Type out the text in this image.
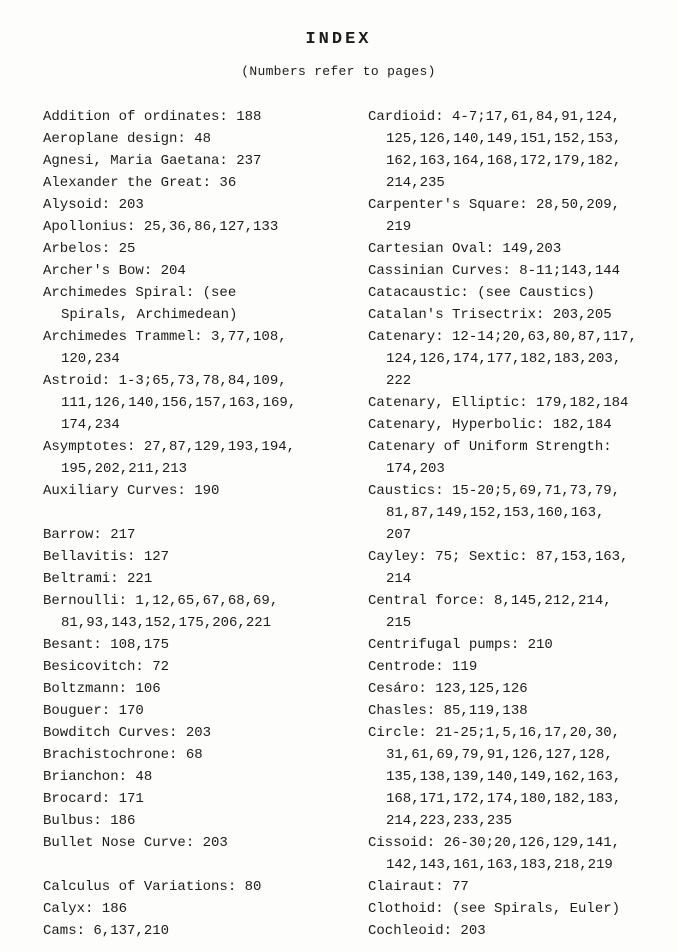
INDEX
(Numbers refer to pages)
Addition of ordinates: 188
Aeroplane design: 48
Agnesi, Maria Gaetana: 237
Alexander the Great: 36
Alysoid: 203
Apollonius: 25,36,86,127,133
Arbelos: 25
Archer's Bow: 204
Archimedes Spiral: (see
Spirals, Archimedean)
Archimedes Trammel: 3,77,108,
120,234
Astroid: 1-3;65,73,78,84,109,
111,126,140,156,157,163,169,
174,234
Asymptotes: 27,87,129,193,194,
195,202,211,213
Auxiliary Curves: 190
Barrow: 217
Bellavitis: 127
Beltrami: 221
Bernoulli: 1,12,65,67,68,69,
81,93,143,152,175,206,221
Besant: 108,175
Besicovitch: 72
Boltzmann: 106
Bouguer: 170
Bowditch Curves: 203
Brachistochrone: 68
Brianchon: 48
Brocard: 171
Bulbus: 186
Bullet Nose Curve: 203
Calculus of Variations: 80
Calyx: 186
Cams: 6,137,210
Cardioid: 4-7;17,61,84,91,124,
125,126,140,149,151,152,153,
162,163,164,168,172,179,182,
214,235
Carpenter's Square: 28,50,209,
219
Cartesian Oval: 149,203
Cassinian Curves: 8-11;143,144
Catacaustic: (see Caustics)
Catalan's Trisectrix: 203,205
Catenary: 12-14;20,63,80,87,117,
124,126,174,177,182,183,203,
222
Catenary, Elliptic: 179,182,184
Catenary, Hyperbolic: 182,184
Catenary of Uniform Strength:
174,203
Caustics: 15-20;5,69,71,73,79,
81,87,149,152,153,160,163,
207
Cayley: 75; Sextic: 87,153,163,
214
Central force: 8,145,212,214,
215
Centrifugal pumps: 210
Centrode: 119
Cesáro: 123,125,126
Chasles: 85,119,138
Circle: 21-25;1,5,16,17,20,30,
31,61,69,79,91,126,127,128,
135,138,139,140,149,162,163,
168,171,172,174,180,182,183,
214,223,233,235
Cissoid: 26-30;20,126,129,141,
142,143,161,163,183,218,219
Clairaut: 77
Clothoid: (see Spirals, Euler)
Cochleoid: 203
